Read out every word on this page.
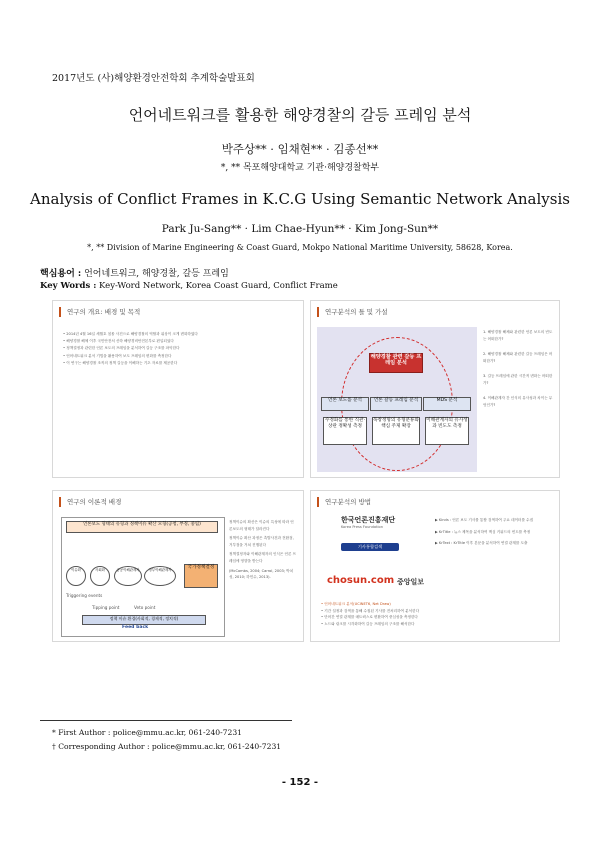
2017년도 (사)해양환경안전학회 추계학술발표회
언어네트워크를 활용한 해양경찰의 갈등 프레임 분석
박주상** · 임채현** · 김종선**
*, ** 목포해양대학교 기관·해양경찰학부
Analysis of Conflict Frames in K.C.G Using Semantic Network Analysis
Park Ju-Sang** · Lim Chae-Hyun** · Kim Jong-Sun**
*, ** Division of Marine Engineering & Coast Guard, Mokpo National Maritime University, 58628, Korea.
핵심용어 : 언어네트워크, 해양경찰, 갈등 프레임
Key Words : Key-Word Network, Korea Coast Guard, Conflict Frame
연구의 개요: 배경 및 목적

• 2014년 4월 16일 세월호 침몰 사건으로 해양경찰의 역할과 위상이 크게 변화하였다

• 해양경찰 해체 이후 국민안전처 산하 해양경비안전본부로 편입되었다

• 정책결정과 관련한 언론 보도의 프레임을 분석하여 갈등 구조를 파악한다

• 언어네트워크 분석 기법을 활용하여 보도 프레임의 변화를 측정한다

• 이 연구는 해양경찰 조직의 정책 갈등을 이해하는 기초 자료를 제공한다

연구분석의 틀 및 가설
해양경찰 관련 갈등 프레임 분석
언론 보도틀 분석	언론 갈등 프레임 분석	MDS 분석
수정화를 통한 직관·상관 정확성 측정
독창정형의 유형분류와 핵심 주제 확장
이해관계자의 유사성과 빈도도 측정

1. 해양경찰 해체와 관련한 언론 보도의 빈도는 어떠한가?

2. 해양경찰 해체와 관련한 갈등 프레임은 어떠한가?

3. 갈등 프레임에 관한 시간적 변화는 어떠한가?

4. 이해관계자 간 인식의 유사성과 차이는 무엇인가?

연구의 이론적 배경
언론보도 형태의 유형과 정책이슈 확산 모형(공청, 부정, 중립)
이슈화	사회화	공공이해관계자	정부이해관계자	국가정책결정
Triggering events
Tipping point	Veto point
정책 이슈 환경(사회적, 경제적, 정치적)
Feed back

정책이슈의 확산은 이슈의 특성에 따라 언론보도의 형태가 달라진다

정책이슈 확산 과정은 촉발사건과 전환점, 거부점을 거쳐 진행된다

정책결정자와 이해관계자의 인식은 언론 프레임에 영향을 받는다

(McCombs, 2004; Carrol, 2003; 박치성, 2010; 하민수, 2013).

연구분석의 방법
한국언론진흥재단
Korea Press Foundation
기사통합검색
chosun.com 중앙일보

▶ Kinds : 언론 보도 기사를 통합 검색하여 주요 데이터를 수집

▶ KrTitle : 뉴스 제목을 분석하여 핵심 키워드의 빈도를 측정

▶ KrText : KrTitle 이후 본문을 분석하여 연결 관계를 도출

• 언어네트워크 분석(UCINET6, Net Draw)

• 기간 설정과 검색을 통해 수집된 기사를 전처리하여 분석한다

• 단어간 연결 관계를 매트릭스로 변환하여 중심성을 측정한다

• 노드와 링크를 시각화하여 갈등 프레임의 구조를 해석한다

* First Author : police@mmu.ac.kr, 061-240-7231
† Corresponding Author : police@mmu.ac.kr, 061-240-7231
- 152 -
